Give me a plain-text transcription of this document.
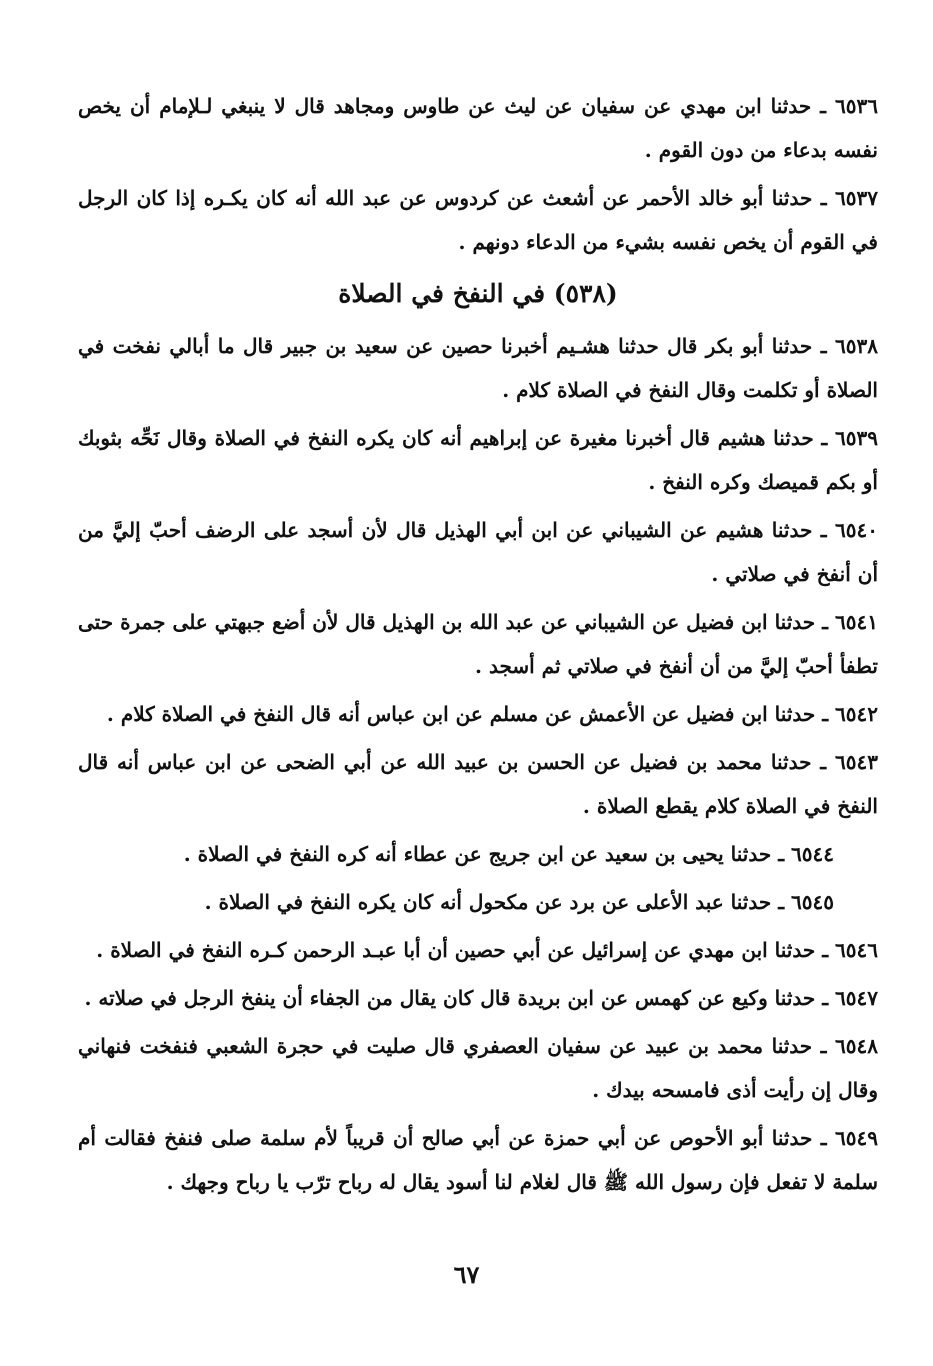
٦٥٣٦ ـ حدثنا ابن مهدي عن سفيان عن ليث عن طاوس ومجاهد قال لا ينبغي لـلإمام أن يخص نفسه بدعاء من دون القوم .

٦٥٣٧ ـ حدثنا أبو خالد الأحمر عن أشعث عن كردوس عن عبد الله أنه كان يكـره إذا كان الرجل في القوم أن يخص نفسه بشيء من الدعاء دونهم .

(٥٣٨) في النفخ في الصلاة

٦٥٣٨ ـ حدثنا أبو بكر قال حدثنا هشـيم أخبرنا حصين عن سعيد بن جبير قال ما أبالي نفخت في الصلاة أو تكلمت وقال النفخ في الصلاة كلام .

٦٥٣٩ ـ حدثنا هشيم قال أخبرنا مغيرة عن إبراهيم أنه كان يكره النفخ في الصلاة وقال نَحِّه بثوبك أو بكم قميصك وكره النفخ .

٦٥٤٠ ـ حدثنا هشيم عن الشيباني عن ابن أبي الهذيل قال لأن أسجد على الرضف أحبّ إليَّ من أن أنفخ في صلاتي .

٦٥٤١ ـ حدثنا ابن فضيل عن الشيباني عن عبد الله بن الهذيل قال لأن أضع جبهتي على جمرة حتى تطفأ أحبّ إليَّ من أن أنفخ في صلاتي ثم أسجد .

٦٥٤٢ ـ حدثنا ابن فضيل عن الأعمش عن مسلم عن ابن عباس أنه قال النفخ في الصلاة كلام .

٦٥٤٣ ـ حدثنا محمد بن فضيل عن الحسن بن عبيد الله عن أبي الضحى عن ابن عباس أنه قال النفخ في الصلاة كلام يقطع الصلاة .

٦٥٤٤ ـ حدثنا يحيى بن سعيد عن ابن جريج عن عطاء أنه كره النفخ في الصلاة .

٦٥٤٥ ـ حدثنا عبد الأعلى عن برد عن مكحول أنه كان يكره النفخ في الصلاة .

٦٥٤٦ ـ حدثنا ابن مهدي عن إسرائيل عن أبي حصين أن أبا عبـد الرحمن كـره النفخ في الصلاة .

٦٥٤٧ ـ حدثنا وكيع عن كهمس عن ابن بريدة قال كان يقال من الجفاء أن ينفخ الرجل في صلاته .

٦٥٤٨ ـ حدثنا محمد بن عبيد عن سفيان العصفري قال صليت في حجرة الشعبي فنفخت فنهاني وقال إن رأيت أذى فامسحه بيدك .

٦٥٤٩ ـ حدثنا أبو الأحوص عن أبي حمزة عن أبي صالح أن قريباً لأم سلمة صلى فنفخ فقالت أم سلمة لا تفعل فإن رسول الله ﷺ قال لغلام لنا أسود يقال له رباح ترّب يا رباح وجهك .

٦٧
